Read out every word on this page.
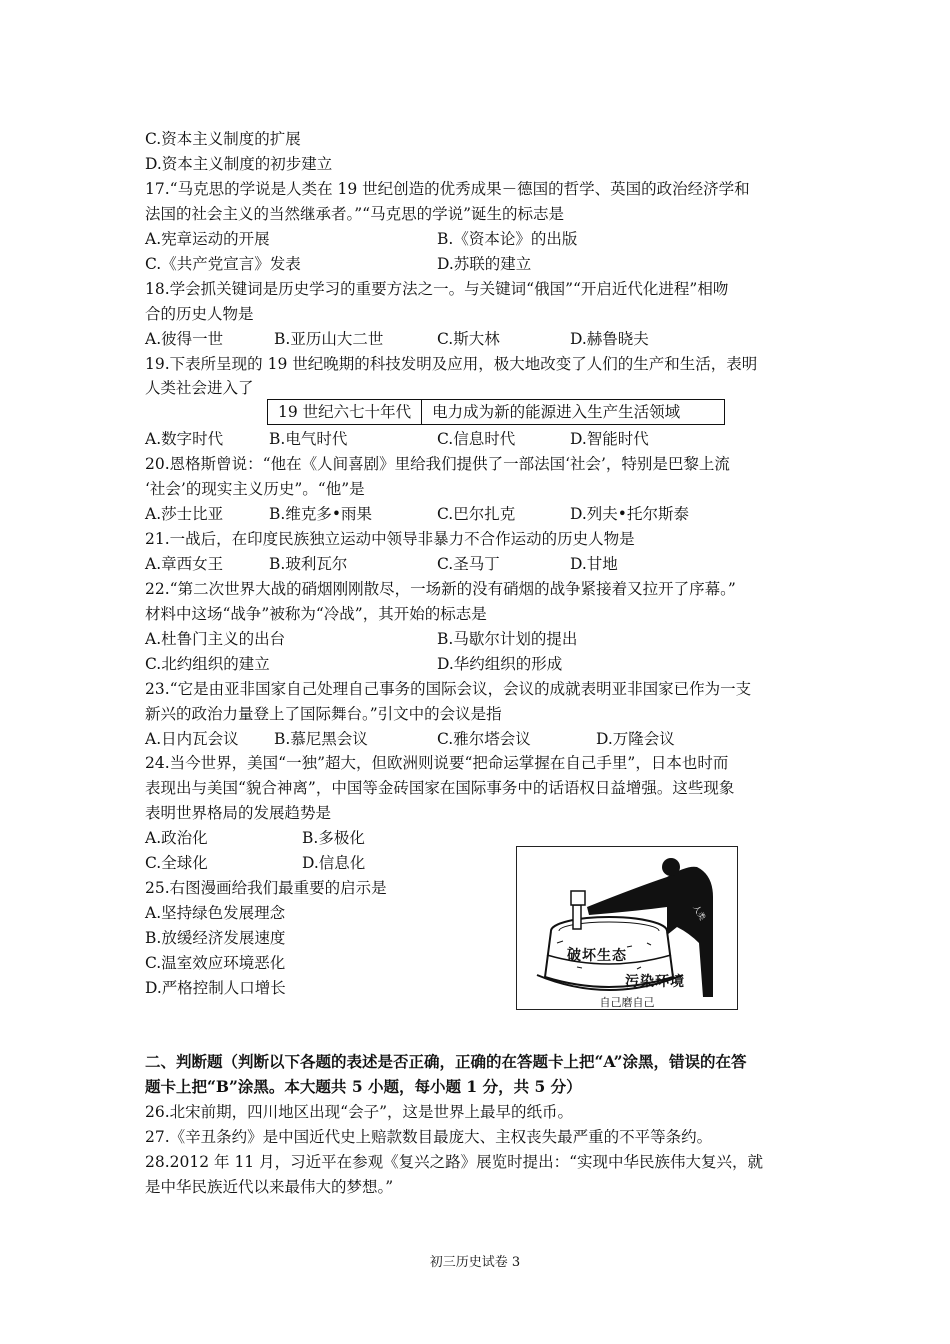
C.资本主义制度的扩展
D.资本主义制度的初步建立
17.“马克思的学说是人类在 19 世纪创造的优秀成果－德国的哲学、英国的政治经济学和
法国的社会主义的当然继承者。”“马克思的学说”诞生的标志是
A.宪章运动的开展	B.《资本论》的出版
C.《共产党宣言》发表	D.苏联的建立
18.学会抓关键词是历史学习的重要方法之一。与关键词“俄国”“开启近代化进程”相吻
合的历史人物是
A.彼得一世	B.亚历山大二世	C.斯大林	D.赫鲁晓夫
19.下表所呈现的 19 世纪晚期的科技发明及应用，极大地改变了人们的生产和生活，表明
人类社会进入了
19 世纪六七十年代	电力成为新的能源进入生产生活领域
A.数字时代	B.电气时代	C.信息时代	D.智能时代
20.恩格斯曾说：“他在《人间喜剧》里给我们提供了一部法国‘社会’，特别是巴黎上流
‘社会’的现实主义历史”。“他”是
A.莎士比亚	B.维克多•雨果	C.巴尔扎克	D.列夫•托尔斯泰
21.一战后，在印度民族独立运动中领导非暴力不合作运动的历史人物是
A.章西女王	B.玻利瓦尔	C.圣马丁	D.甘地
22.“第二次世界大战的硝烟刚刚散尽，一场新的没有硝烟的战争紧接着又拉开了序幕。”
材料中这场“战争”被称为“冷战”，其开始的标志是
A.杜鲁门主义的出台	B.马歇尔计划的提出
C.北约组织的建立	D.华约组织的形成
23.“它是由亚非国家自己处理自己事务的国际会议，会议的成就表明亚非国家已作为一支
新兴的政治力量登上了国际舞台。”引文中的会议是指
A.日内瓦会议 B.慕尼黑会议	C.雅尔塔会议	D.万隆会议
24.当今世界，美国“一独”超大，但欧洲则说要“把命运掌握在自己手里”，日本也时而
表现出与美国“貌合神离”，中国等金砖国家在国际事务中的话语权日益增强。这些现象
表明世界格局的发展趋势是
A.政治化	B.多极化
C.全球化	D.信息化
25.右图漫画给我们最重要的启示是
A.坚持绿色发展理念
B.放缓经济发展速度
C.温室效应环境恶化
D.严格控制人口增长
人类
破坏生态
污染环境
自己磨自己
二、判断题（判断以下各题的表述是否正确，正确的在答题卡上把“A”涂黑，错误的在答
题卡上把“B”涂黑。本大题共 5 小题，每小题 1 分，共 5 分）
26.北宋前期，四川地区出现“会子”，这是世界上最早的纸币。
27.《辛丑条约》是中国近代史上赔款数目最庞大、主权丧失最严重的不平等条约。
28.2012 年 11 月，习近平在参观《复兴之路》展览时提出：“实现中华民族伟大复兴，就
是中华民族近代以来最伟大的梦想。”
初三历史试卷 3
